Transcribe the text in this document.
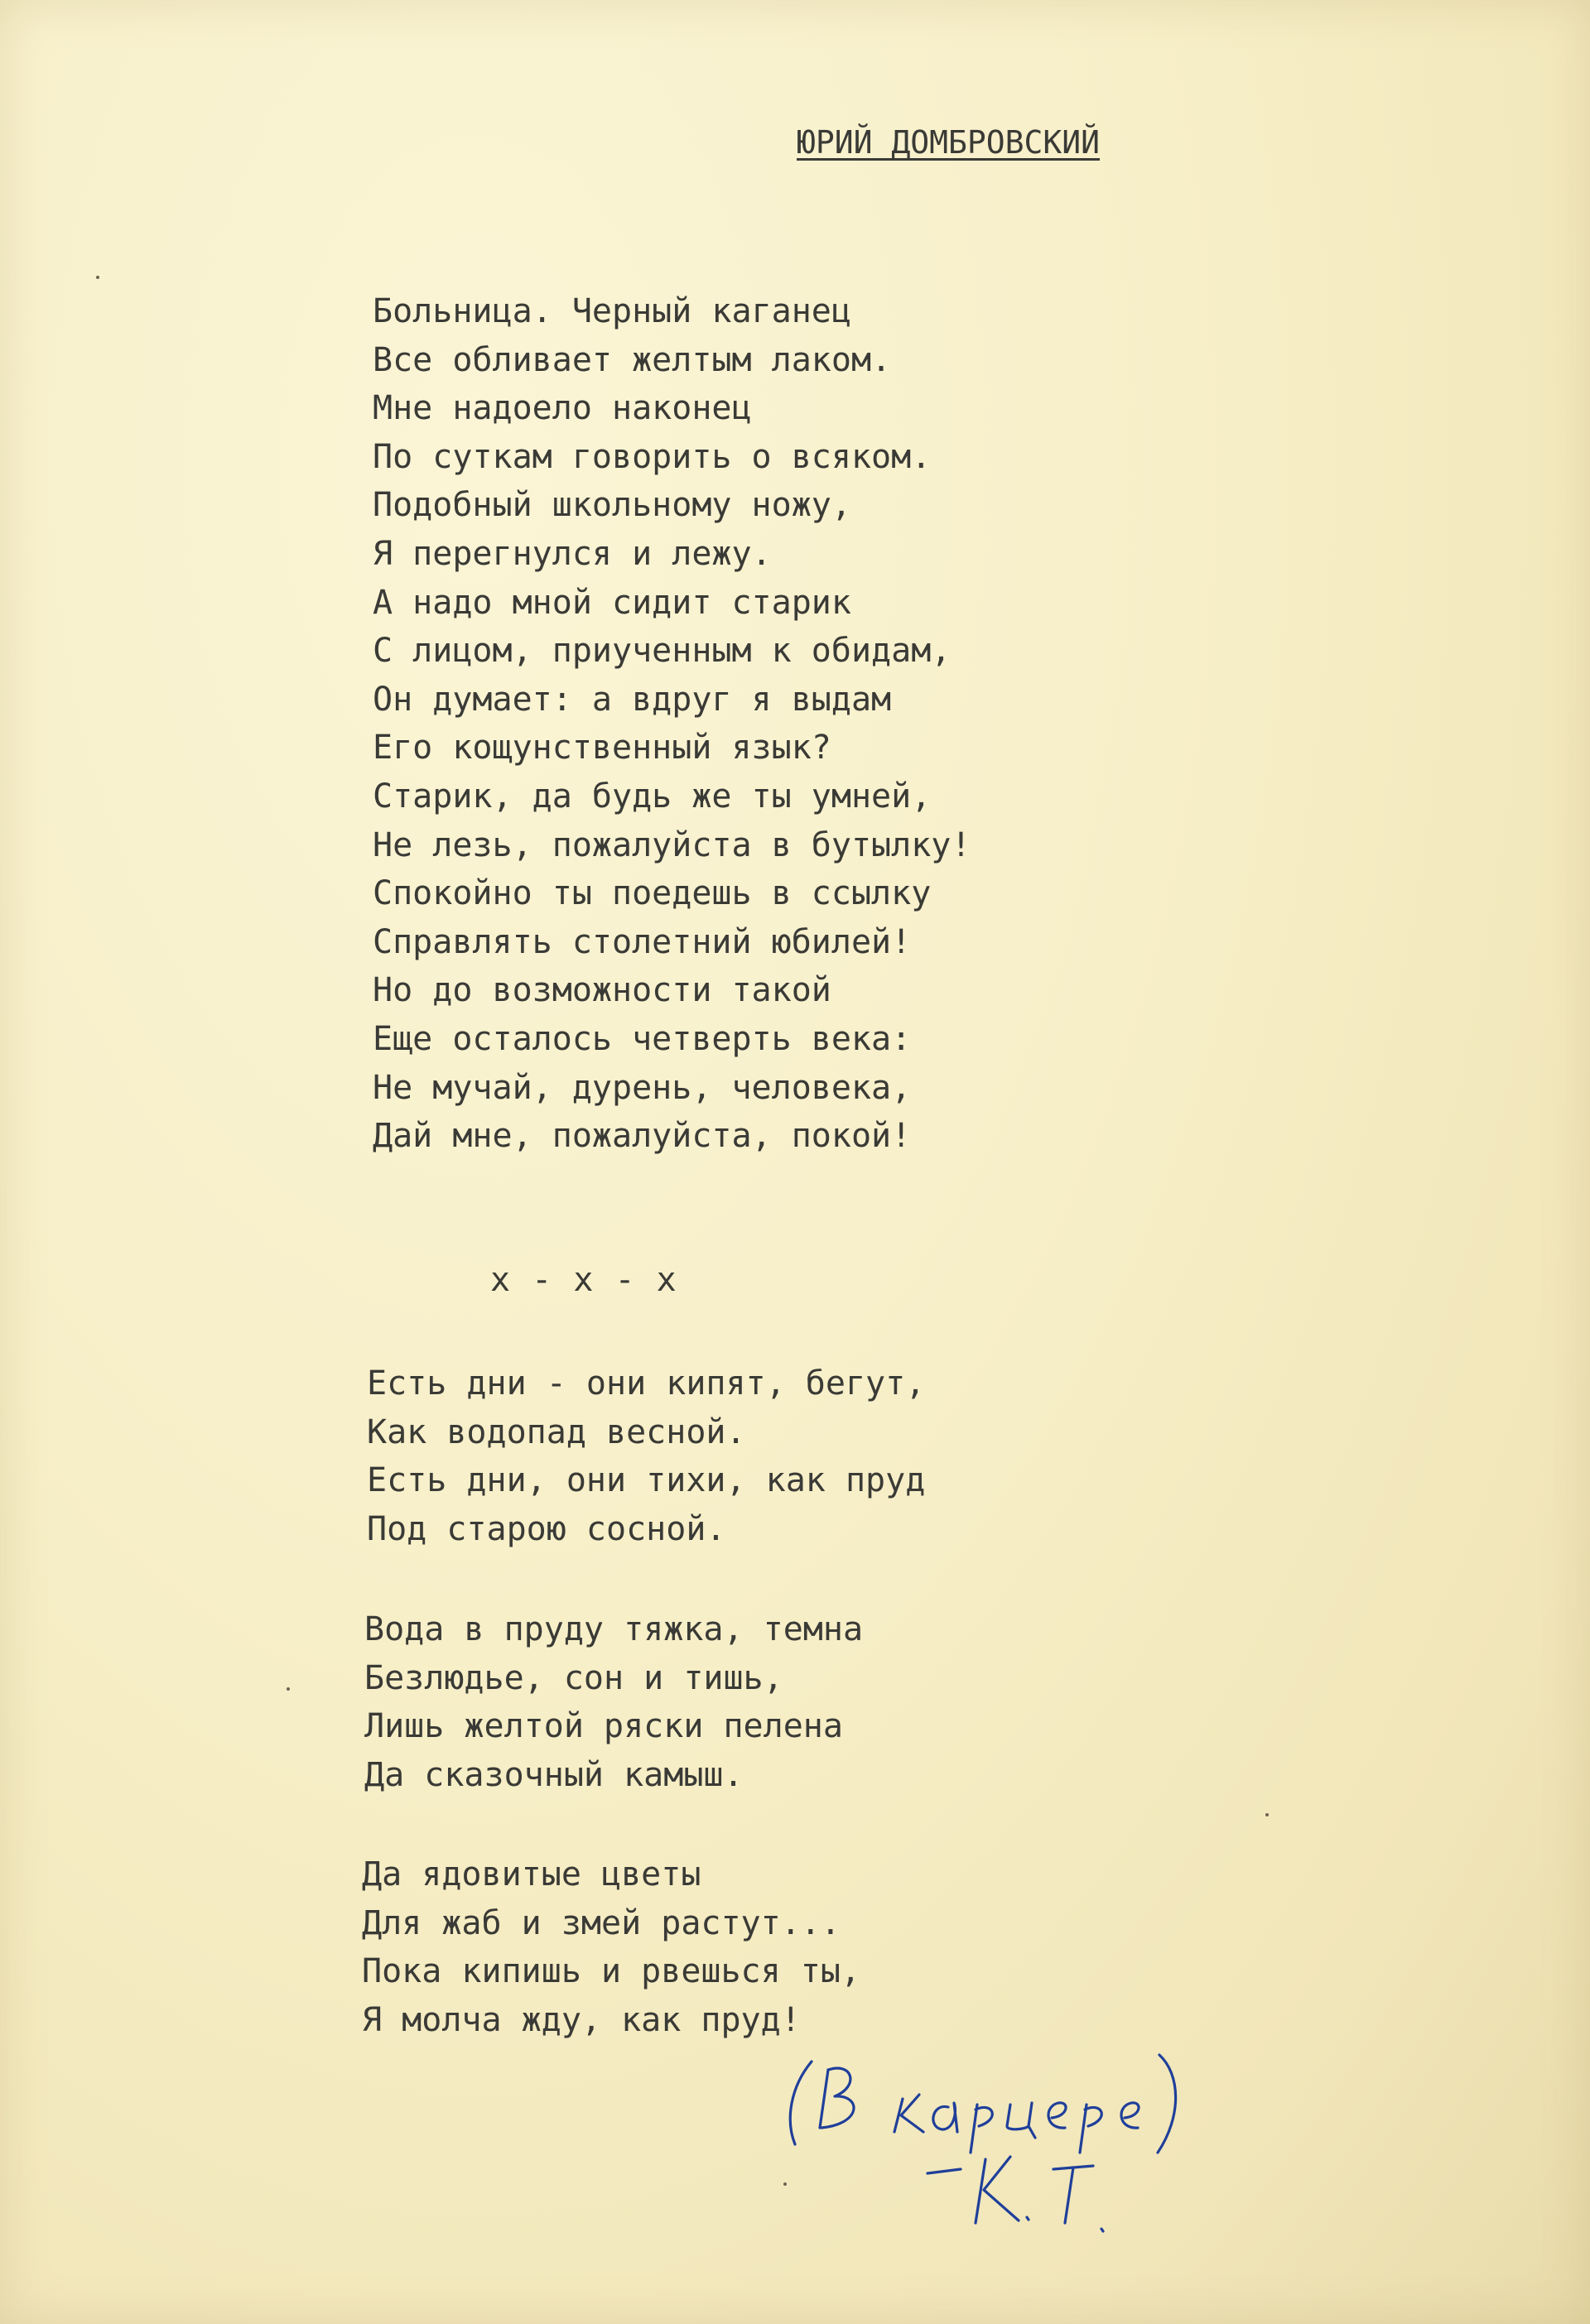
ЮРИЙ ДОМБРОВСКИЙ
Больница. Черный каганец
Все обливает желтым лаком.
Мне надоело наконец
По суткам говорить о всяком.
Подобный школьному ножу,
Я перегнулся и лежу.
А надо мной сидит старик
С лицом, приученным к обидам,
Он думает: а вдруг я выдам
Его кощунственный язык?
Старик, да будь же ты умней,
Не лезь, пожалуйста в бутылку!
Спокойно ты поедешь в ссылку
Справлять столетний юбилей!
Но до возможности такой
Еще осталось четверть века:
Не мучай, дурень, человека,
Дай мне, пожалуйста, покой!
x - x - x
Есть дни - они кипят, бегут,
Как водопад весной.
Есть дни, они тихи, как пруд
Под старою сосной.
Вода в пруду тяжка, темна
Безлюдье, сон и тишь,
Лишь желтой ряски пелена
Да сказочный камыш.
Да ядовитые цветы
Для жаб и змей растут...
Пока кипишь и рвешься ты,
Я молча жду, как пруд!
